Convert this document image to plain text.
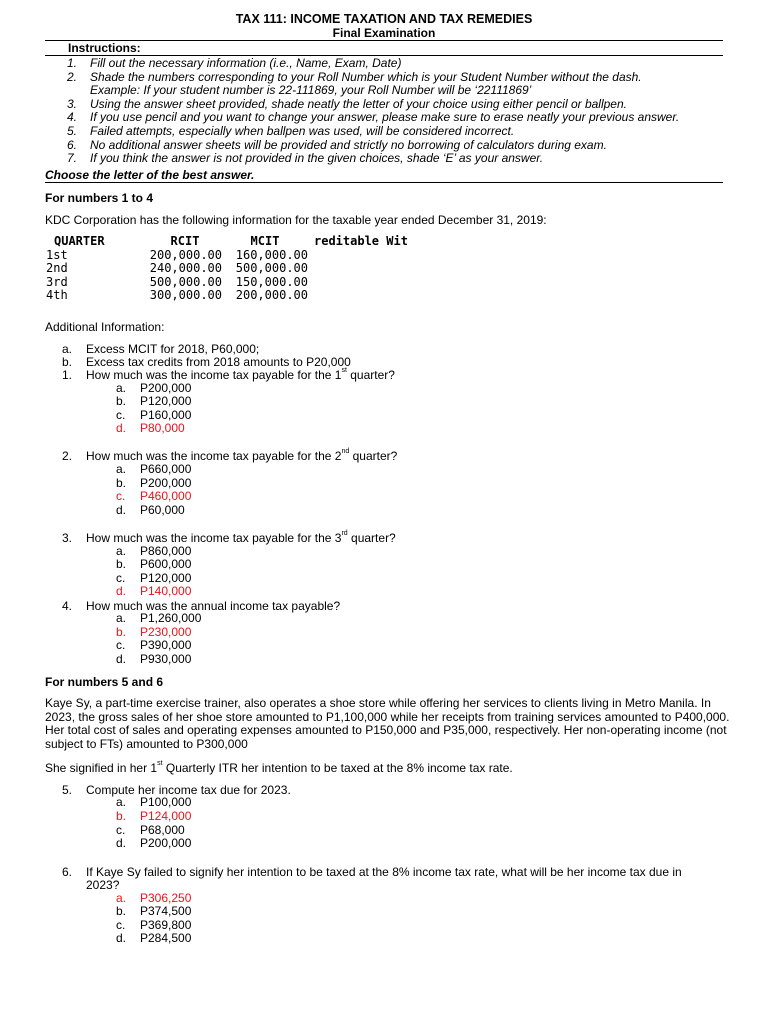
TAX 111: INCOME TAXATION AND TAX REMEDIES
Final Examination
Instructions:
1. Fill out the necessary information (i.e., Name, Exam, Date)
2. Shade the numbers corresponding to your Roll Number which is your Student Number without the dash.
Example: If your student number is 22-111869, your Roll Number will be ‘22111869’
3. Using the answer sheet provided, shade neatly the letter of your choice using either pencil or ballpen.
4. If you use pencil and you want to change your answer, please make sure to erase neatly your previous answer.
5. Failed attempts, especially when ballpen was used, will be considered incorrect.
6. No additional answer sheets will be provided and strictly no borrowing of calculators during exam.
7. If you think the answer is not provided in the given choices, shade ‘E’ as your answer.
Choose the letter of the best answer.
For numbers 1 to 4
KDC Corporation has the following information for the taxable year ended December 31, 2019:
QUARTER	RCIT	MCIT	reditable Wit
1st	200,000.00	160,000.00	
2nd	240,000.00	500,000.00	
3rd	500,000.00	150,000.00	
4th	300,000.00	200,000.00	
Additional Information:
a. Excess MCIT for 2018, P60,000;
b. Excess tax credits from 2018 amounts to P20,000
1. How much was the income tax payable for the 1st quarter?
a. P200,000
b. P120,000
c. P160,000
d. P80,000
2. How much was the income tax payable for the 2nd quarter?
a. P660,000
b. P200,000
c. P460,000
d. P60,000
3. How much was the income tax payable for the 3rd quarter?
a. P860,000
b. P600,000
c. P120,000
d. P140,000
4. How much was the annual income tax payable?
a. P1,260,000
b. P230,000
c. P390,000
d. P930,000
For numbers 5 and 6
Kaye Sy, a part-time exercise trainer, also operates a shoe store while offering her services to clients living in Metro Manila. In 2023, the gross sales of her shoe store amounted to P1,100,000 while her receipts from training services amounted to P400,000. Her total cost of sales and operating expenses amounted to P150,000 and P35,000, respectively. Her non-operating income (not subject to FTs) amounted to P300,000
She signified in her 1st Quarterly ITR her intention to be taxed at the 8% income tax rate.
5. Compute her income tax due for 2023.
a. P100,000
b. P124,000
c. P68,000
d. P200,000
6. If Kaye Sy failed to signify her intention to be taxed at the 8% income tax rate, what will be her income tax due in
2023?
a. P306,250
b. P374,500
c. P369,800
d. P284,500
